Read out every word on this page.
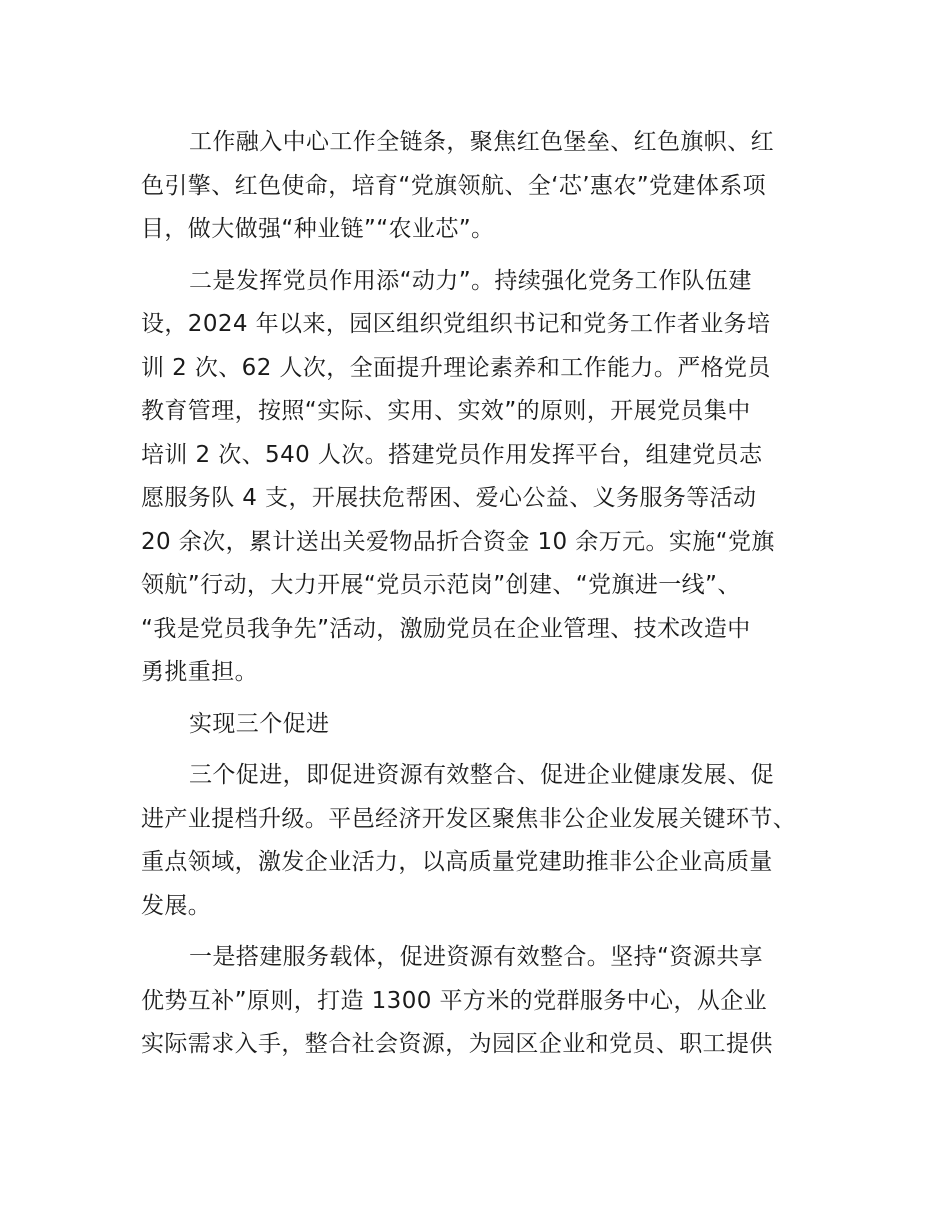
工作融入中心工作全链条，聚焦红色堡垒、红色旗帜、红
色引擎、红色使命，培育“党旗领航、全‘芯’惠农”党建体系项
目，做大做强“种业链”“农业芯”。
二是发挥党员作用添“动力”。持续强化党务工作队伍建
设，2024 年以来，园区组织党组织书记和党务工作者业务培
训 2 次、62 人次，全面提升理论素养和工作能力。严格党员
教育管理，按照“实际、实用、实效”的原则，开展党员集中
培训 2 次、540 人次。搭建党员作用发挥平台，组建党员志
愿服务队 4 支，开展扶危帮困、爱心公益、义务服务等活动
20 余次，累计送出关爱物品折合资金 10 余万元。实施“党旗
领航”行动，大力开展“党员示范岗”创建、“党旗进一线”、
“我是党员我争先”活动，激励党员在企业管理、技术改造中
勇挑重担。
实现三个促进
三个促进，即促进资源有效整合、促进企业健康发展、促
进产业提档升级。平邑经济开发区聚焦非公企业发展关键环节、
重点领域，激发企业活力，以高质量党建助推非公企业高质量
发展。
一是搭建服务载体，促进资源有效整合。坚持“资源共享
优势互补”原则，打造 1300 平方米的党群服务中心，从企业
实际需求入手，整合社会资源，为园区企业和党员、职工提供
